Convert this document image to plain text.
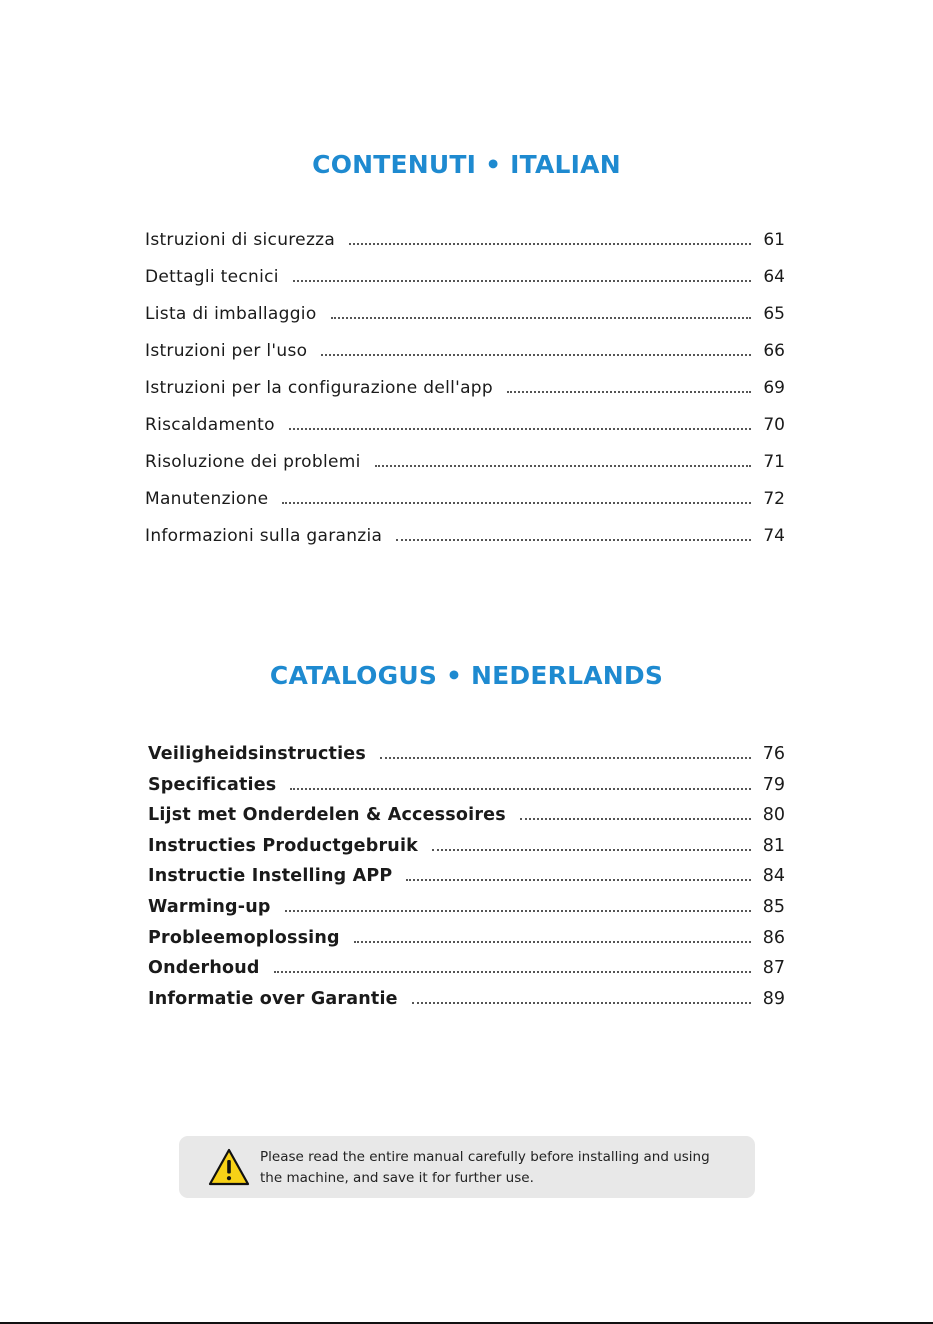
CONTENUTI • ITALIAN
Istruzioni di sicurezza	61
Dettagli tecnici	64
Lista di imballaggio	65
Istruzioni per l'uso	66
Istruzioni per la configurazione dell'app	69
Riscaldamento	70
Risoluzione dei problemi	71
Manutenzione	72
Informazioni sulla garanzia	74
CATALOGUS • NEDERLANDS
Veiligheidsinstructies	76
Specificaties	79
Lijst met Onderdelen & Accessoires	80
Instructies Productgebruik	81
Instructie Instelling APP	84
Warming-up	85
Probleemoplossing	86
Onderhoud	87
Informatie over Garantie	89
Please read the entire manual carefully before installing and using
the machine, and save it for further use.
